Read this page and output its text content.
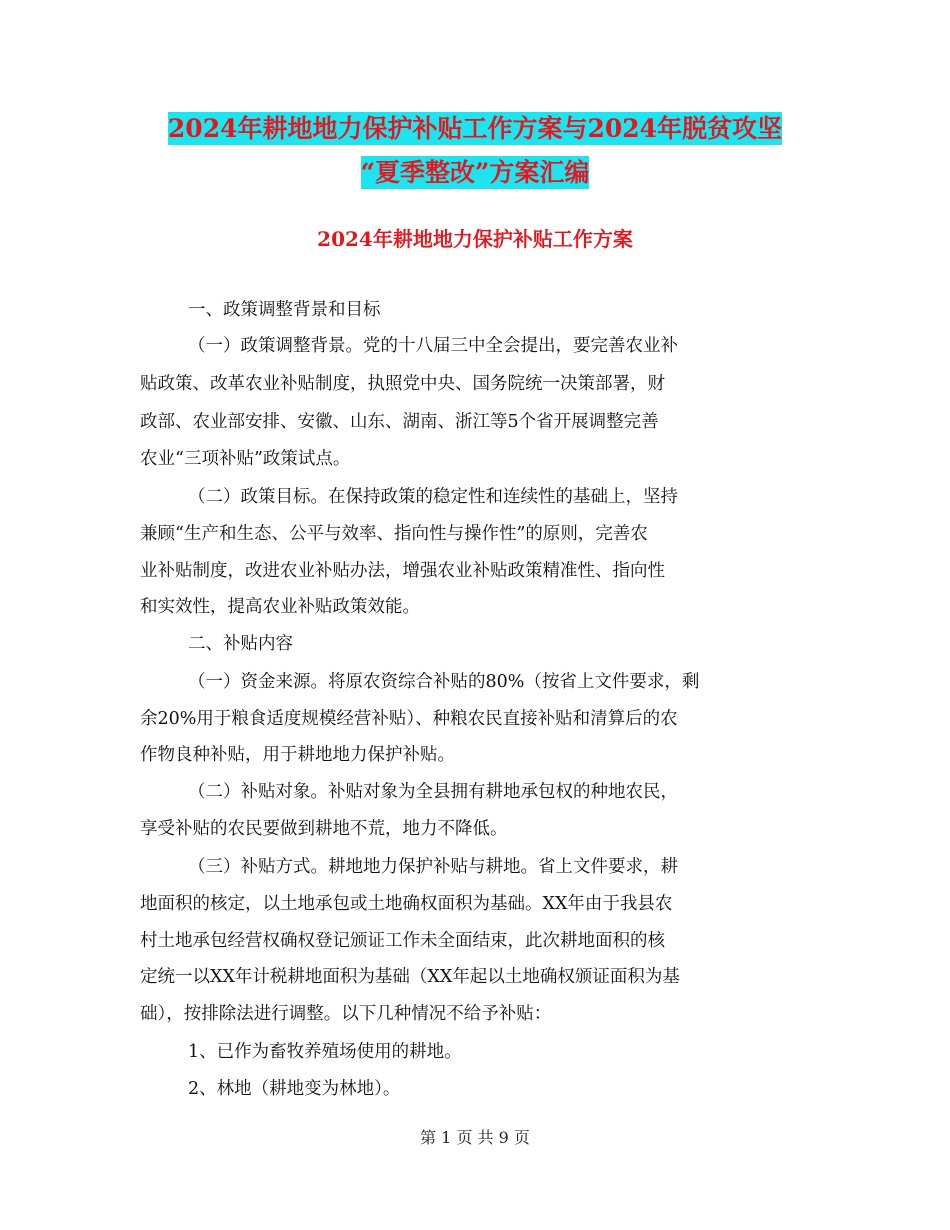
2024年耕地地力保护补贴工作方案与2024年脱贫攻坚
“夏季整改”方案汇编
2024年耕地地力保护补贴工作方案
一、政策调整背景和目标
（一）政策调整背景。党的十八届三中全会提出，要完善农业补
贴政策、改革农业补贴制度，执照党中央、国务院统一决策部署，财
政部、农业部安排、安徽、山东、湖南、浙江等5个省开展调整完善
农业“三项补贴”政策试点。
（二）政策目标。在保持政策的稳定性和连续性的基础上，坚持
兼顾“生产和生态、公平与效率、指向性与操作性”的原则，完善农
业补贴制度，改进农业补贴办法，增强农业补贴政策精准性、指向性
和实效性，提高农业补贴政策效能。
二、补贴内容
（一）资金来源。将原农资综合补贴的80%（按省上文件要求，剩
余20%用于粮食适度规模经营补贴）、种粮农民直接补贴和清算后的农
作物良种补贴，用于耕地地力保护补贴。
（二）补贴对象。补贴对象为全县拥有耕地承包权的种地农民，
享受补贴的农民要做到耕地不荒，地力不降低。
（三）补贴方式。耕地地力保护补贴与耕地。省上文件要求，耕
地面积的核定，以土地承包或土地确权面积为基础。XX年由于我县农
村土地承包经营权确权登记颁证工作未全面结束，此次耕地面积的核
定统一以XX年计税耕地面积为基础（XX年起以土地确权颁证面积为基
础），按排除法进行调整。以下几种情况不给予补贴：
1、已作为畜牧养殖场使用的耕地。
2、林地（耕地变为林地）。
第 1 页 共 9 页
